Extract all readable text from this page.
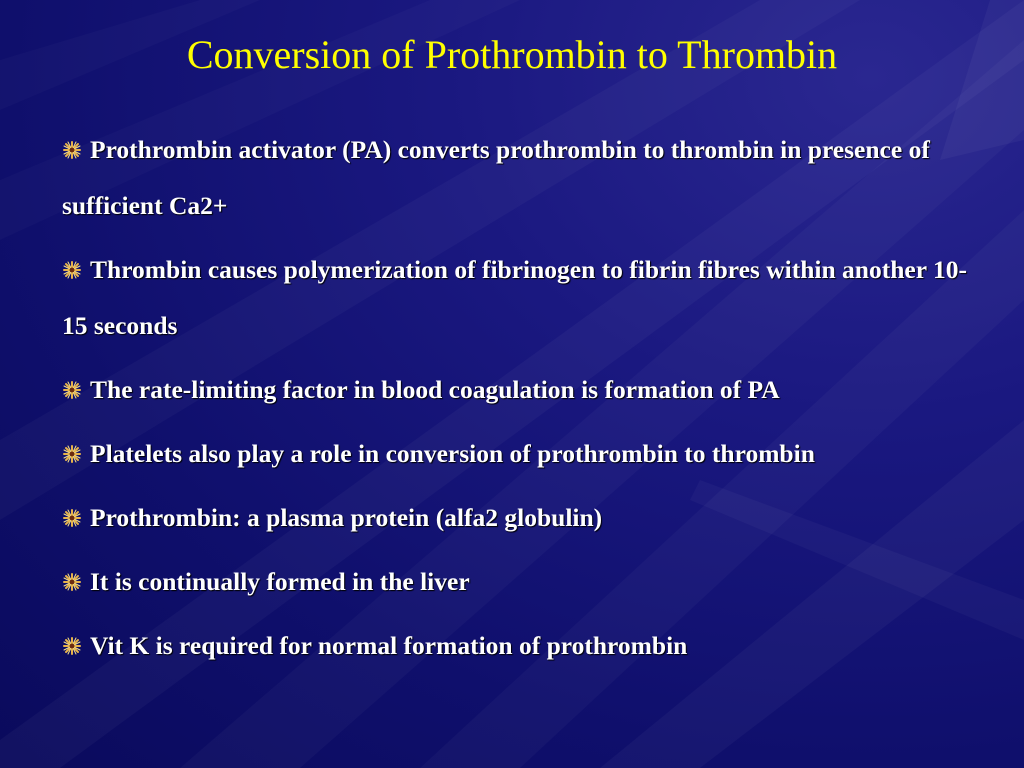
Conversion of Prothrombin to Thrombin
Prothrombin activator (PA) converts prothrombin to thrombin in presence of sufficient Ca2+
Thrombin causes polymerization of fibrinogen to fibrin fibres within another 10-15 seconds
The rate-limiting factor in blood coagulation is formation of PA
Platelets also play a role in conversion of prothrombin to thrombin
Prothrombin: a plasma protein (alfa2 globulin)
It is continually formed in the liver
Vit K is required for normal formation of prothrombin
